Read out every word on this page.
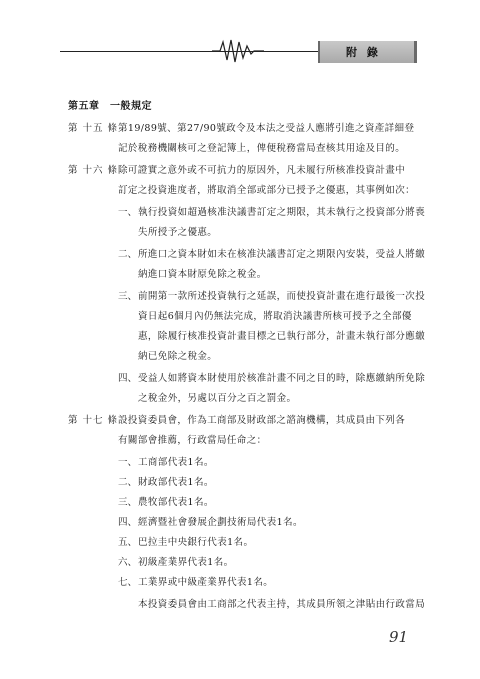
附 錄
第五章　一般規定
第 十五 條 第19/89號、第27/90號政令及本法之受益人應將引進之資產詳細登
記於稅務機關核可之登記簿上，俾便稅務當局查核其用途及目的。
第 十六 條 除可證實之意外或不可抗力的原因外，凡未履行所核准投資計畫中
訂定之投資進度者，將取消全部或部分已授予之優惠，其事例如次：
一、 執行投資如超過核准決議書訂定之期限，其未執行之投資部分將喪
失所授予之優惠。
二、 所進口之資本財如未在核准決議書訂定之期限內安裝，受益人將繳
納進口資本財原免除之稅金。
三、 前開第一款所述投資執行之延誤，而使投資計畫在進行最後一次投
資日起6個月內仍無法完成，將取消決議書所核可授予之全部優
惠，除履行核准投資計畫目標之已執行部分，計畫未執行部分應繳
納已免除之稅金。
四、 受益人如將資本財使用於核准計畫不同之目的時，除應繳納所免除
之稅金外，另處以百分之百之罰金。
第 十七 條 設投資委員會，作為工商部及財政部之諮詢機構，其成員由下列各
有關部會推薦，行政當局任命之：
一、 工商部代表1名。
二、 財政部代表1名。
三、 農牧部代表1名。
四、 經濟暨社會發展企劃技術局代表1名。
五、 巴拉圭中央銀行代表1名。
六、 初級產業界代表1名。
七、 工業界或中級產業界代表1名。
本投資委員會由工商部之代表主持，其成員所領之津貼由行政當局
91
